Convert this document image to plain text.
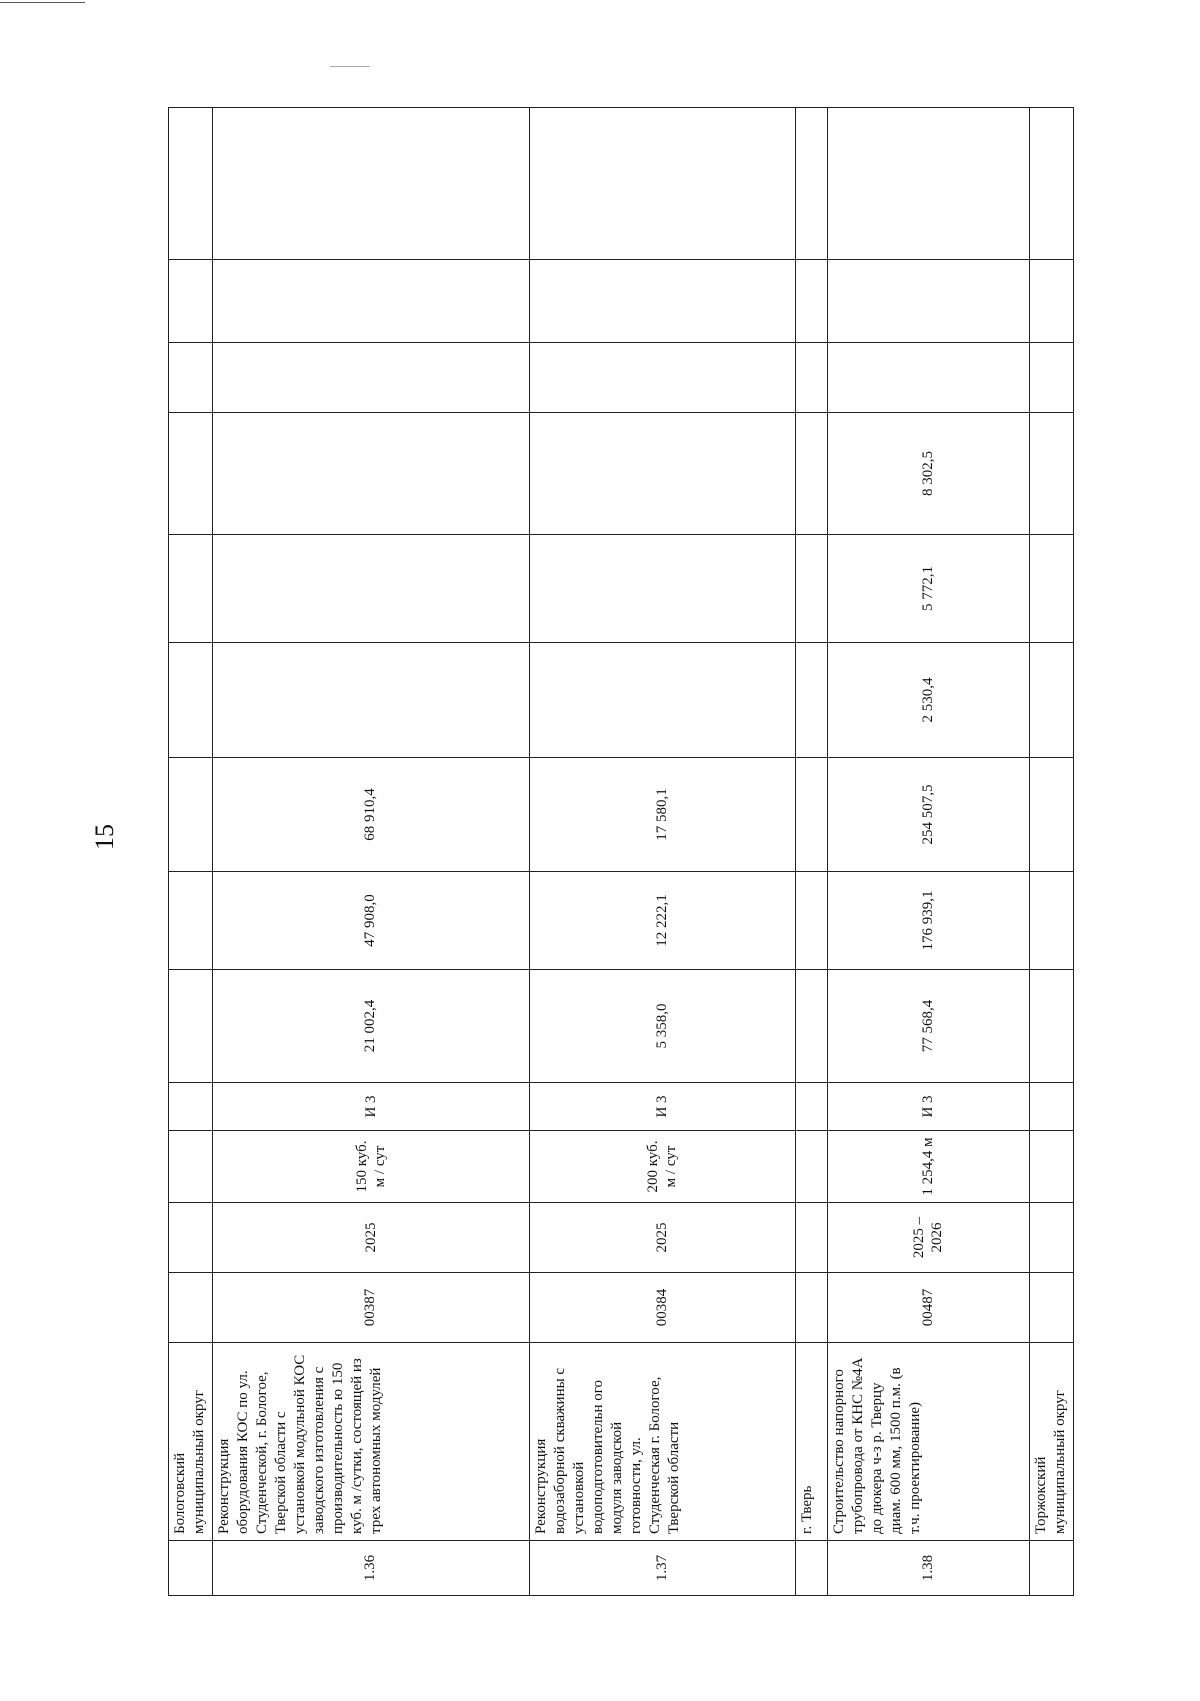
15
	Бологовский муниципальный округ													
1.36	Реконструкция оборудования КОС по ул. Студенческой, г. Бологое, Тверской области с установкой модульной КОС заводского изготовления с производительность ю 150 куб. м /сутки, состоящей из трех автономных модулей	00387	2025	150 куб. м / сут	И 3	21 002,4	47 908,0	68 910,4						
1.37	Реконструкция водозаборной скважины с установкой водоподготовительн ого модуля заводской готовности, ул. Студенческая г. Бологое, Тверской области	00384	2025	200 куб. м / сут	И 3	5 358,0	12 222,1	17 580,1						
	г. Тверь													
1.38	Строительство напорного трубопровода от КНС №4А до дюкера ч-з р. Тверцу диам. 600 мм, 1500 п.м. (в т.ч. проектирование)	00487	2025 – 2026	1 254,4 м	И 3	77 568,4	176 939,1	254 507,5	2 530,4	5 772,1	8 302,5			
	Торжокский муниципальный округ													
